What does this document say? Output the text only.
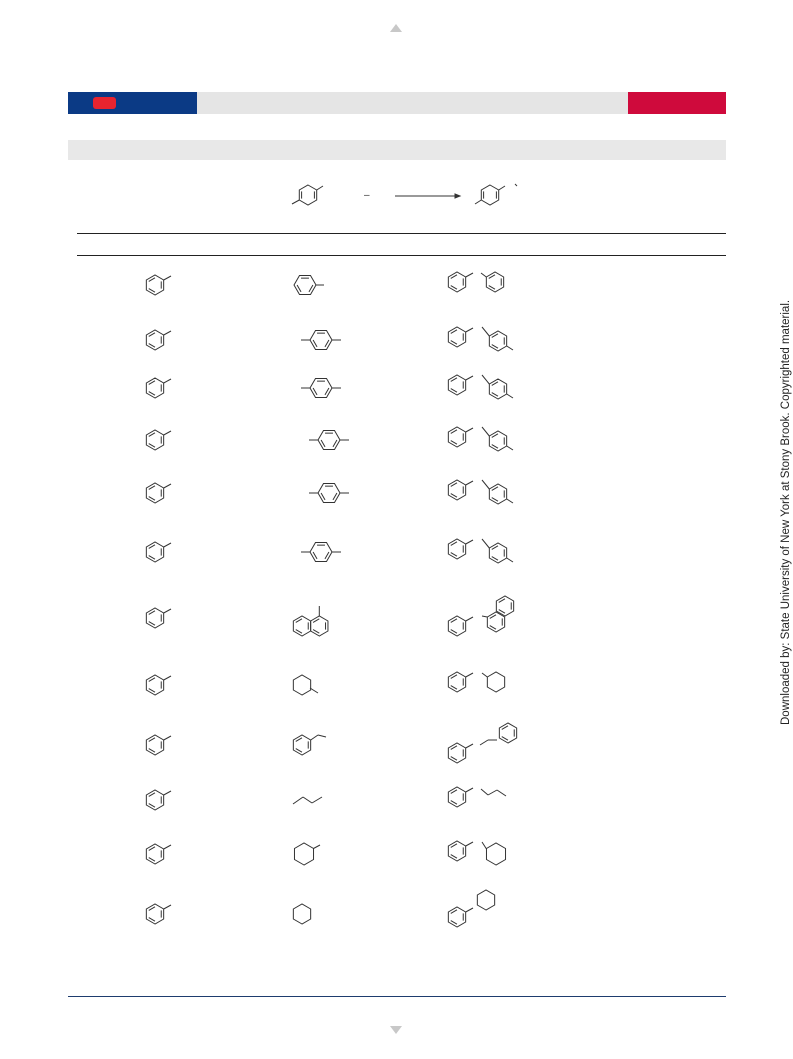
–
Downloaded by: State University of New York at Stony Brook. Copyrighted material.
